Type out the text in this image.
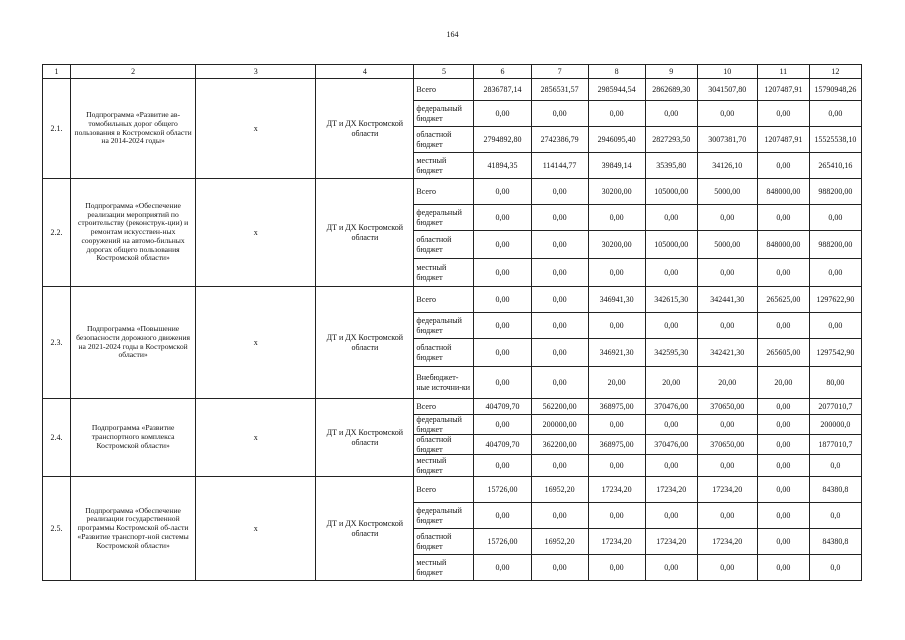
164
1	2	3	4	5	6	7	8	9	10	11	12
2.1.	Подпрограмма «Развитие ав-томобильных дорог общего пользования в Костромской области на 2014-2024 годы»	х	ДТ и ДХ Костромской области	Всего	2836787,14	2856531,57	2985944,54	2862689,30	3041507,80	1207487,91	15790948,26
				федеральный бюджет	0,00	0,00	0,00	0,00	0,00	0,00	0,00
				областной бюджет	2794892,80	2742386,79	2946095,40	2827293,50	3007381,70	1207487,91	15525538,10
				местный бюджет	41894,35	114144,77	39849,14	35395,80	34126,10	0,00	265410,16
2.2.	Подпрограмма «Обеспечение реализации мероприятий по строительству (реконструк-ции) и ремонтам искусствен-ных сооружений на автомо-бильных дорогах общего пользования Костромской области»	х	ДТ и ДХ Костромской области	Всего	0,00	0,00	30200,00	105000,00	5000,00	848000,00	988200,00
				федеральный бюджет	0,00	0,00	0,00	0,00	0,00	0,00	0,00
				областной бюджет	0,00	0,00	30200,00	105000,00	5000,00	848000,00	988200,00
				местный бюджет	0,00	0,00	0,00	0,00	0,00	0,00	0,00
2.3.	Подпрограмма «Повышение безопасности дорожного движения на 2021-2024 годы в Костромской области»	х	ДТ и ДХ Костромской области	Всего	0,00	0,00	346941,30	342615,30	342441,30	265625,00	1297622,90
				федеральный бюджет	0,00	0,00	0,00	0,00	0,00	0,00	0,00
				областной бюджет	0,00	0,00	346921,30	342595,30	342421,30	265605,00	1297542,90
				Внебюджет-ные источни-ки	0,00	0,00	20,00	20,00	20,00	20,00	80,00
2.4.	Подпрограмма «Развитие транспортного комплекса Костромской области»	х	ДТ и ДХ Костромской области	Всего	404709,70	562200,00	368975,00	370476,00	370650,00	0,00	2077010,7
				федеральный бюджет	0,00	200000,00	0,00	0,00	0,00	0,00	200000,0
				областной бюджет	404709,70	362200,00	368975,00	370476,00	370650,00	0,00	1877010,7
				местный бюджет	0,00	0,00	0,00	0,00	0,00	0,00	0,0
2.5.	Подпрограмма «Обеспечение реализации государственной программы Костромской об-ласти «Развитие транспорт-ной системы Костромской области»	х	ДТ и ДХ Костромской области	Всего	15726,00	16952,20	17234,20	17234,20	17234,20	0,00	84380,8
				федеральный бюджет	0,00	0,00	0,00	0,00	0,00	0,00	0,0
				областной бюджет	15726,00	16952,20	17234,20	17234,20	17234,20	0,00	84380,8
				местный бюджет	0,00	0,00	0,00	0,00	0,00	0,00	0,0
